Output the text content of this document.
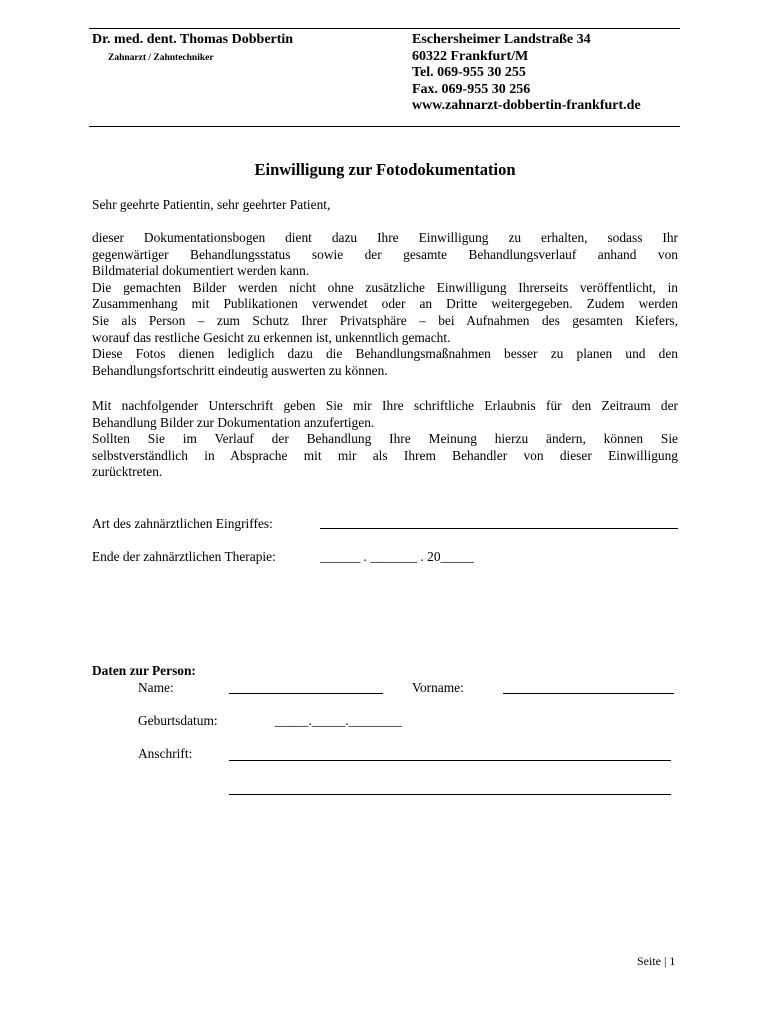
Dr. med. dent. Thomas Dobbertin
Zahnarzt / Zahntechniker
Eschersheimer Landstraße 34
60322 Frankfurt/M
Tel. 069-955 30 255
Fax. 069-955 30 256
www.zahnarzt-dobbertin-frankfurt.de
Einwilligung zur Fotodokumentation
Sehr geehrte Patientin, sehr geehrter Patient,
dieser Dokumentationsbogen dient dazu Ihre Einwilligung zu erhalten, sodass Ihr
gegenwärtiger Behandlungsstatus sowie der gesamte Behandlungsverlauf anhand von
Bildmaterial dokumentiert werden kann.
Die gemachten Bilder werden nicht ohne zusätzliche Einwilligung Ihrerseits veröffentlicht, in
Zusammenhang mit Publikationen verwendet oder an Dritte weitergegeben. Zudem werden
Sie als Person – zum Schutz Ihrer Privatsphäre – bei Aufnahmen des gesamten Kiefers,
worauf das restliche Gesicht zu erkennen ist, unkenntlich gemacht.
Diese Fotos dienen lediglich dazu die Behandlungsmaßnahmen besser zu planen und den
Behandlungsfortschritt eindeutig auswerten zu können.
Mit nachfolgender Unterschrift geben Sie mir Ihre schriftliche Erlaubnis für den Zeitraum der
Behandlung Bilder zur Dokumentation anzufertigen.
Sollten Sie im Verlauf der Behandlung Ihre Meinung hierzu ändern, können Sie
selbstverständlich in Absprache mit mir als Ihrem Behandler von dieser Einwilligung
zurücktreten.
Art des zahnärztlichen Eingriffes:
Ende der zahnärztlichen Therapie:	______ . _______ . 20_____
Daten zur Person:
Name:	Vorname:
Geburtsdatum:	_____._____.________
Anschrift:
Seite | 1
